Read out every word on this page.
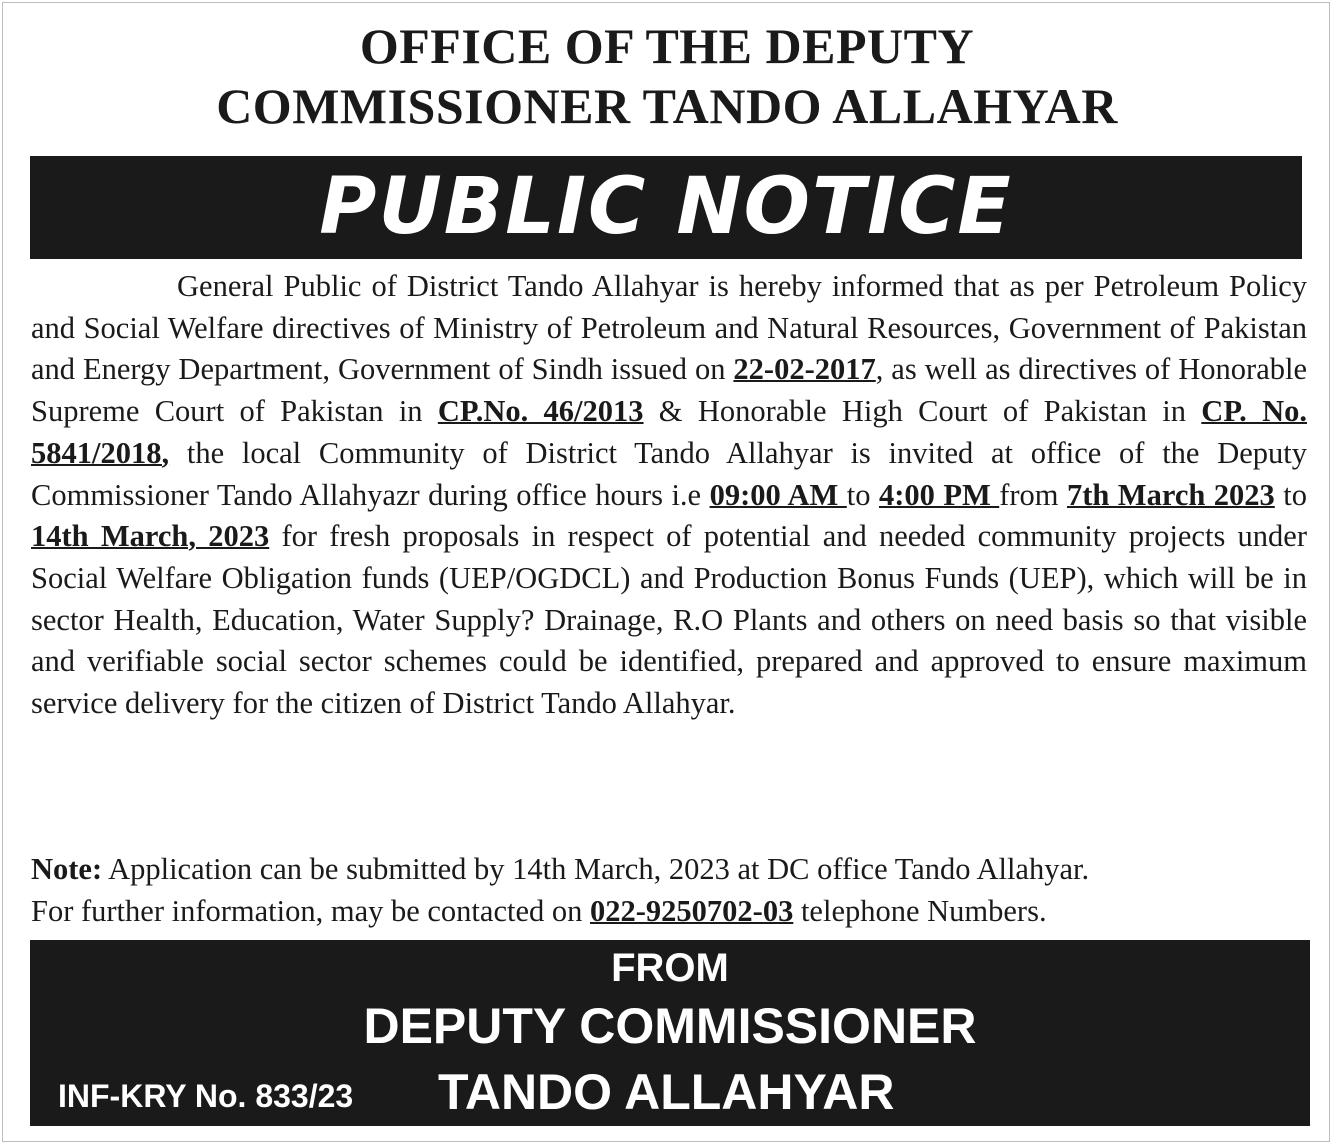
OFFICE OF THE DEPUTY
COMMISSIONER TANDO ALLAHYAR
PUBLIC NOTICE

General Public of District Tando Allahyar is hereby informed that as per Petroleum Policy and Social Welfare directives of Ministry of Petroleum and Natural Resources, Government of Pakistan and Energy Department, Government of Sindh issued on 22-02-2017, as well as directives of Honorable Supreme Court of Pakistan in CP.No. 46/2013 & Honorable High Court of Pakistan in CP. No. 5841/2018, the local Community of District Tando Allahyar is invited at office of the Deputy Commissioner Tando Allahyazr during office hours i.e 09:00 AM to 4:00 PM from 7th March 2023 to 14th March, 2023 for fresh proposals in respect of potential and needed community projects under Social Welfare Obligation funds (UEP/OGDCL) and Production Bonus Funds (UEP), which will be in sector Health, Education, Water Supply? Drainage, R.O Plants and others on need basis so that visible and verifiable social sector schemes could be identified, prepared and approved to ensure maximum service delivery for the citizen of District Tando Allahyar.

Note: Application can be submitted by 14th March, 2023 at DC office Tando Allahyar.
For further information, may be contacted on 022-9250702-03 telephone Numbers.
FROM
DEPUTY COMMISSIONER
INF-KRY No. 833/23 TANDO ALLAHYAR
